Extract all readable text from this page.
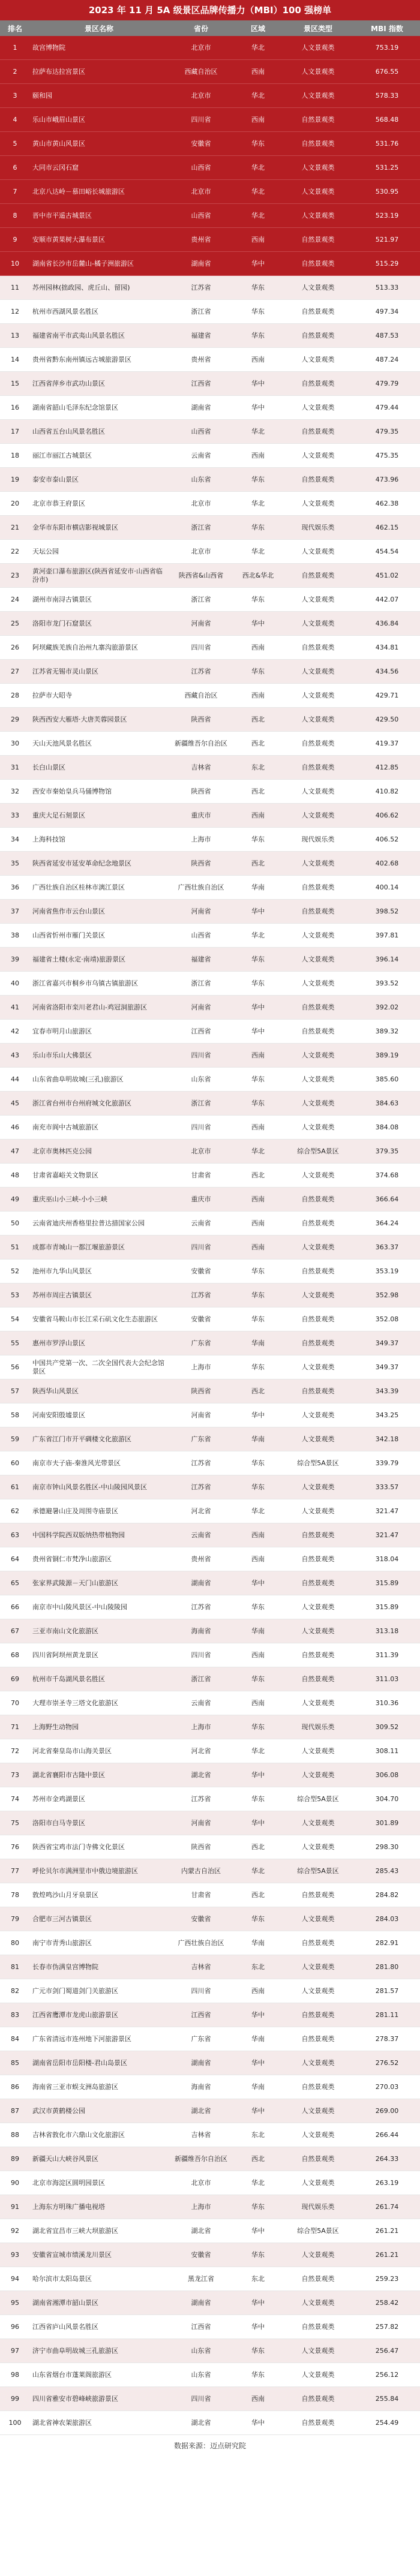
2023 年 11 月 5A 级景区品牌传播力（MBI）100 强榜单
排名	景区名称	省份	区域	景区类型	MBI 指数
1	故宫博物院	北京市	华北	人文景观类	753.19
2	拉萨布达拉宫景区	西藏自治区	西南	人文景观类	676.55
3	颐和园	北京市	华北	人文景观类	578.33
4	乐山市峨眉山景区	四川省	西南	自然景观类	568.48
5	黄山市黄山风景区	安徽省	华东	自然景观类	531.76
6	大同市云冈石窟	山西省	华北	人文景观类	531.25
7	北京八达岭－慕田峪长城旅游区	北京市	华北	人文景观类	530.95
8	晋中市平遥古城景区	山西省	华北	人文景观类	523.19
9	安顺市黄果树大瀑布景区	贵州省	西南	自然景观类	521.97
10	湖南省长沙市岳麓山-橘子洲旅游区	湖南省	华中	自然景观类	515.29
11	苏州园林(拙政园、虎丘山、留园)	江苏省	华东	人文景观类	513.33
12	杭州市西湖风景名胜区	浙江省	华东	自然景观类	497.34
13	福建省南平市武夷山风景名胜区	福建省	华东	自然景观类	487.53
14	贵州省黔东南州镇远古城旅游景区	贵州省	西南	人文景观类	487.24
15	江西省萍乡市武功山景区	江西省	华中	自然景观类	479.79
16	湖南省韶山毛泽东纪念馆景区	湖南省	华中	人文景观类	479.44
17	山西省五台山风景名胜区	山西省	华北	自然景观类	479.35
18	丽江市丽江古城景区	云南省	西南	人文景观类	475.35
19	泰安市泰山景区	山东省	华东	自然景观类	473.96
20	北京市恭王府景区	北京市	华北	人文景观类	462.38
21	金华市东阳市横店影视城景区	浙江省	华东	现代娱乐类	462.15
22	天坛公园	北京市	华北	人文景观类	454.54
23	黄河壶口瀑布旅游区(陕西省延安市·山西省临汾市)	陕西省&山西省	西北&华北	自然景观类	451.02
24	湖州市南浔古镇景区	浙江省	华东	人文景观类	442.07
25	洛阳市龙门石窟景区	河南省	华中	人文景观类	436.84
26	阿坝藏族羌族自治州九寨沟旅游景区	四川省	西南	自然景观类	434.81
27	江苏省无锡市灵山景区	江苏省	华东	人文景观类	434.56
28	拉萨市大昭寺	西藏自治区	西南	人文景观类	429.71
29	陕西西安大雁塔·大唐芙蓉园景区	陕西省	西北	人文景观类	429.50
30	天山天池风景名胜区	新疆维吾尔自治区	西北	自然景观类	419.37
31	长白山景区	吉林省	东北	自然景观类	412.85
32	西安市秦始皇兵马俑博物馆	陕西省	西北	人文景观类	410.82
33	重庆大足石刻景区	重庆市	西南	人文景观类	406.62
34	上海科技馆	上海市	华东	现代娱乐类	406.52
35	陕西省延安市延安革命纪念地景区	陕西省	西北	人文景观类	402.68
36	广西壮族自治区桂林市漓江景区	广西壮族自治区	华南	自然景观类	400.14
37	河南省焦作市云台山景区	河南省	华中	自然景观类	398.52
38	山西省忻州市雁门关景区	山西省	华北	人文景观类	397.81
39	福建省土楼(永定·南靖)旅游景区	福建省	华东	人文景观类	396.14
40	浙江省嘉兴市桐乡市乌镇古镇旅游区	浙江省	华东	人文景观类	393.52
41	河南省洛阳市栾川老君山-鸡冠洞旅游区	河南省	华中	自然景观类	392.02
42	宜春市明月山旅游区	江西省	华中	自然景观类	389.32
43	乐山市乐山大佛景区	四川省	西南	人文景观类	389.19
44	山东省曲阜明故城(三孔)旅游区	山东省	华东	人文景观类	385.60
45	浙江省台州市台州府城文化旅游区	浙江省	华东	人文景观类	384.63
46	南充市阆中古城旅游区	四川省	西南	人文景观类	384.08
47	北京市奥林匹克公园	北京市	华北	综合型5A景区	379.35
48	甘肃省嘉峪关文物景区	甘肃省	西北	人文景观类	374.68
49	重庆巫山小三峡-小小三峡	重庆市	西南	自然景观类	366.64
50	云南省迪庆州香格里拉普达措国家公园	云南省	西南	自然景观类	364.24
51	成都市青城山一都江堰旅游景区	四川省	西南	人文景观类	363.37
52	池州市九华山风景区	安徽省	华东	自然景观类	353.19
53	苏州市周庄古镇景区	江苏省	华东	人文景观类	352.98
54	安徽省马鞍山市长江采石矶文化生态旅游区	安徽省	华东	自然景观类	352.08
55	惠州市罗浮山景区	广东省	华南	自然景观类	349.37
56	中国共产党第一次、二次全国代表大会纪念馆景区	上海市	华东	人文景观类	349.37
57	陕西华山风景区	陕西省	西北	自然景观类	343.39
58	河南安阳殷墟景区	河南省	华中	人文景观类	343.25
59	广东省江门市开平碉楼文化旅游区	广东省	华南	人文景观类	342.18
60	南京市夫子庙-秦淮风光带景区	江苏省	华东	综合型5A景区	339.79
61	南京市钟山风景名胜区-中山陵园风景区	江苏省	华东	人文景观类	333.57
62	承德避暑山庄及周围寺庙景区	河北省	华北	人文景观类	321.47
63	中国科学院西双版纳热带植物园	云南省	西南	自然景观类	321.47
64	贵州省铜仁市梵净山旅游区	贵州省	西南	自然景观类	318.04
65	张家界武陵源－天门山旅游区	湖南省	华中	自然景观类	315.89
66	南京市中山陵风景区-中山陵陵园	江苏省	华东	人文景观类	315.89
67	三亚市南山文化旅游区	海南省	华南	人文景观类	313.18
68	四川省阿坝州黄龙景区	四川省	西南	自然景观类	311.39
69	杭州市千岛湖风景名胜区	浙江省	华东	自然景观类	311.03
70	大理市崇圣寺三塔文化旅游区	云南省	西南	人文景观类	310.36
71	上海野生动物园	上海市	华东	现代娱乐类	309.52
72	河北省秦皇岛市山海关景区	河北省	华北	人文景观类	308.11
73	湖北省襄阳市古隆中景区	湖北省	华中	人文景观类	306.08
74	苏州市金鸡湖景区	江苏省	华东	综合型5A景区	304.70
75	洛阳市白马寺景区	河南省	华中	人文景观类	301.89
76	陕西省宝鸡市法门寺佛文化景区	陕西省	西北	人文景观类	298.30
77	呼伦贝尔市满洲里市中俄边境旅游区	内蒙古自治区	华北	综合型5A景区	285.43
78	敦煌鸣沙山月牙泉景区	甘肃省	西北	自然景观类	284.82
79	合肥市三河古镇景区	安徽省	华东	人文景观类	284.03
80	南宁市青秀山旅游区	广西壮族自治区	华南	自然景观类	282.91
81	长春市伪满皇宫博物院	吉林省	东北	人文景观类	281.80
82	广元市剑门蜀道剑门关旅游区	四川省	西南	人文景观类	281.57
83	江西省鹰潭市龙虎山旅游景区	江西省	华中	自然景观类	281.11
84	广东省清远市连州地下河旅游景区	广东省	华南	自然景观类	278.37
85	湖南省岳阳市岳阳楼-君山岛景区	湖南省	华中	人文景观类	276.52
86	海南省三亚市蜈支洲岛旅游区	海南省	华南	自然景观类	270.03
87	武汉市黄鹤楼公园	湖北省	华中	人文景观类	269.00
88	吉林省敦化市六鼎山文化旅游区	吉林省	东北	人文景观类	266.44
89	新疆天山大峡谷风景区	新疆维吾尔自治区	西北	自然景观类	264.33
90	北京市海淀区圆明园景区	北京市	华北	人文景观类	263.19
91	上海东方明珠广播电视塔	上海市	华东	现代娱乐类	261.74
92	湖北省宜昌市三峡大坝旅游区	湖北省	华中	综合型5A景区	261.21
93	安徽省宣城市绩溪龙川景区	安徽省	华东	人文景观类	261.21
94	哈尔滨市太阳岛景区	黑龙江省	东北	自然景观类	259.23
95	湖南省湘潭市韶山景区	湖南省	华中	人文景观类	258.42
96	江西省庐山风景名胜区	江西省	华中	自然景观类	257.82
97	济宁市曲阜明故城三孔旅游区	山东省	华东	人文景观类	256.47
98	山东省烟台市蓬莱阁旅游区	山东省	华东	人文景观类	256.12
99	四川省雅安市碧峰峡旅游景区	四川省	西南	自然景观类	255.84
100	湖北省神农架旅游区	湖北省	华中	自然景观类	254.49
数据来源：迈点研究院
